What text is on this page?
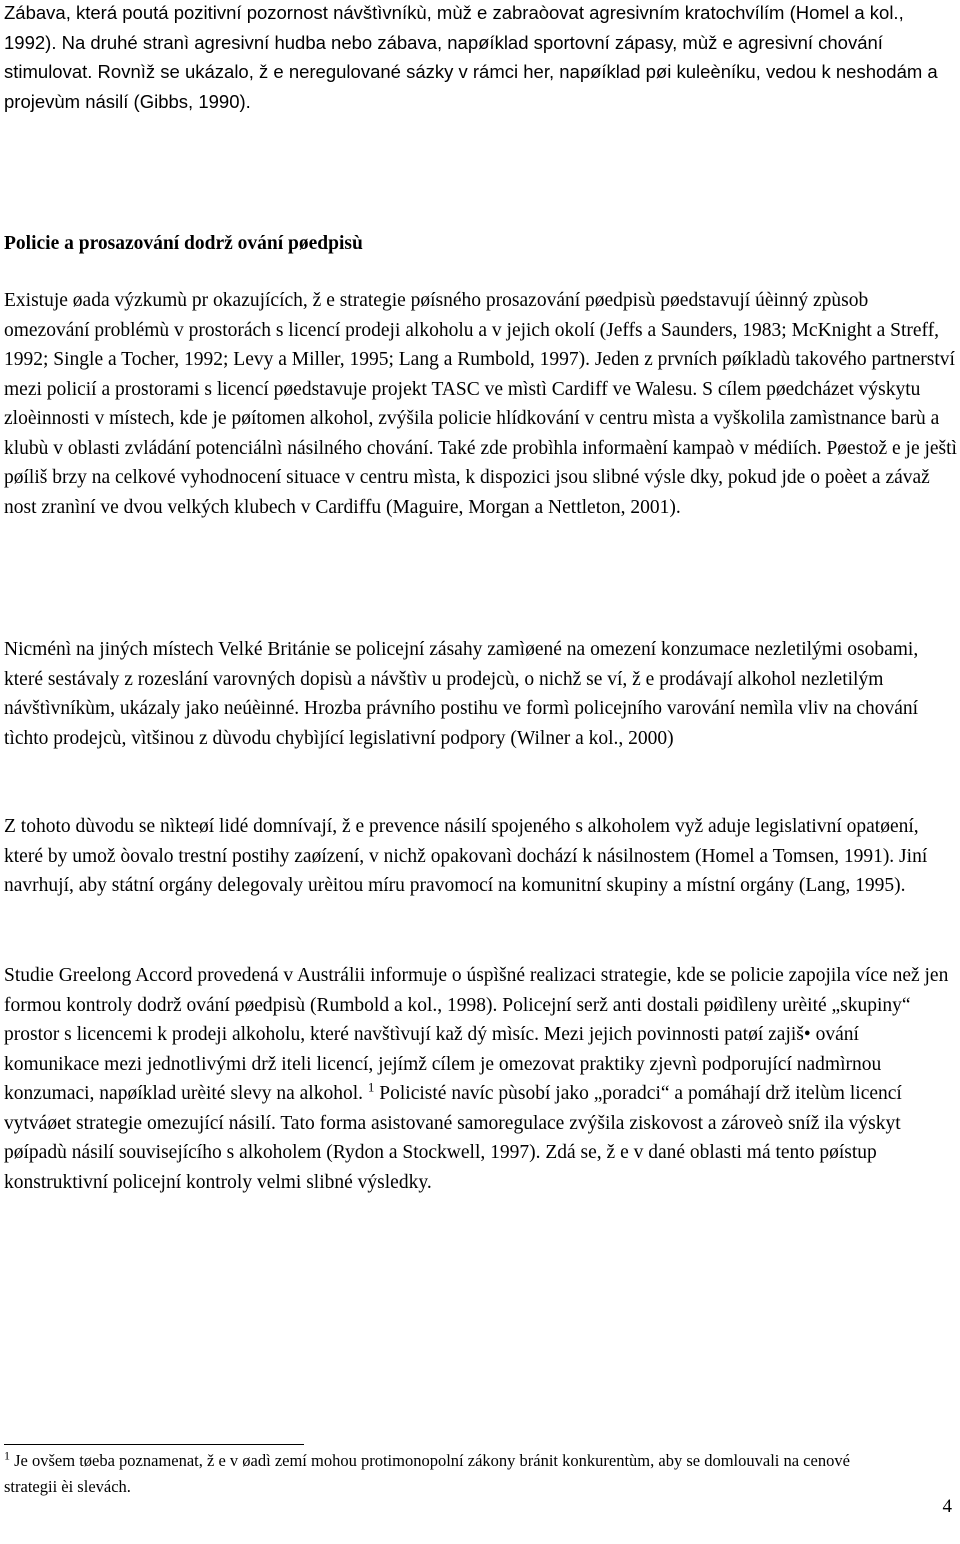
Zábava, která poutá pozitivní pozornost návštìvníkù, mùž e zabraòovat agresivním kratochvílím (Homel a kol., 1992). Na druhé stranì agresivní hudba nebo zábava, napøíklad sportovní zápasy, mùž e agresivní chování stimulovat. Rovnìž se ukázalo, ž e neregulované sázky v rámci her, napøíklad pøi kuleèníku, vedou k neshodám a projevùm násilí (Gibbs, 1990).

Policie a prosazování dodrž ování pøedpisù

Existuje øada výzkumù pr okazujících, ž e strategie pøísného prosazování pøedpisù pøedstavují úèinný zpùsob omezování problémù v prostorách s licencí prodeji alkoholu a v jejich okolí (Jeffs a Saunders, 1983; McKnight a Streff, 1992; Single a Tocher, 1992; Levy a Miller, 1995; Lang a Rumbold, 1997). Jeden z prvních pøíkladù takového partnerství mezi policií a prostorami s licencí pøedstavuje projekt TASC ve mìstì Cardiff ve Walesu. S cílem pøedcházet výskytu zloèinnosti v místech, kde je pøítomen alkohol, zvýšila policie hlídkování v centru mìsta a vyškolila zamìstnance barù a klubù v oblasti zvládání potenciálnì násilného chování. Také zde probìhla informaèní kampaò v médiích. Pøestož e je ještì pøíliš brzy na celkové vyhodnocení situace v centru mìsta, k dispozici jsou slibné výsle dky, pokud jde o poèet a závaž nost zranìní ve dvou velkých klubech v Cardiffu (Maguire, Morgan a Nettleton, 2001).

Nicménì na jiných místech Velké Británie se policejní zásahy zamìøené na omezení konzumace nezletilými osobami, které sestávaly z rozeslání varovných dopisù a návštìv u prodejcù, o nichž se ví, ž e prodávají alkohol nezletilým návštìvníkùm, ukázaly jako neúèinné. Hrozba právního postihu ve formì policejního varování nemìla vliv na chování tìchto prodejcù, vìtšinou z dùvodu chybìjící legislativní podpory (Wilner a kol., 2000)

Z tohoto dùvodu se nìkteøí lidé domnívají, ž e prevence násilí spojeného s alkoholem vyž aduje legislativní opatøení, které by umož òovalo trestní postihy zaøízení, v nichž opakovanì dochází k násilnostem (Homel a Tomsen, 1991). Jiní navrhují, aby státní orgány delegovaly urèitou míru pravomocí na komunitní skupiny a místní orgány (Lang, 1995).

Studie Greelong Accord provedená v Austrálii informuje o úspìšné realizaci strategie, kde se policie zapojila více než jen formou kontroly dodrž ování pøedpisù (Rumbold a kol., 1998). Policejní serž anti dostali pøidìleny urèité „skupiny“ prostor s licencemi k prodeji alkoholu, které navštìvují kaž dý mìsíc. Mezi jejich povinnosti patøí zajiš• ování komunikace mezi jednotlivými drž iteli licencí, jejímž cílem je omezovat praktiky zjevnì podporující nadmìrnou konzumaci, napøíklad urèité slevy na alkohol. $^1$ Policisté navíc pùsobí jako „poradci“ a pomáhají drž itelùm licencí vytváøet strategie omezující násilí. Tato forma asistované samoregulace zvýšila ziskovost a zároveò sníž ila výskyt pøípadù násilí souvisejícího s alkoholem (Rydon a Stockwell, 1997). Zdá se, ž e v dané oblasti má tento pøístup konstruktivní policejní kontroly velmi slibné výsledky.

$^1$ Je ovšem tøeba poznamenat, ž e v øadì zemí mohou protimonopolní zákony bránit konkurentùm, aby se domlouvali na cenové strategii èi slevách.

4
